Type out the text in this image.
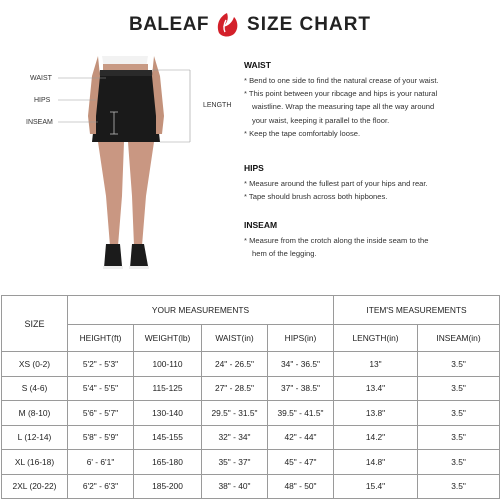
BALEAF SIZE CHART
WAIST
HIPS
INSEAM
LENGTH
WAIST
* Bend to one side to find the natural crease of your waist.
* This point between your ribcage and hips is your natural
waistline. Wrap the measuring tape all the way around
your waist, keeping it parallel to the floor.
* Keep the tape comfortably loose.
HIPS
* Measure around the fullest part of your hips and rear.
* Tape should brush across both hipbones.
INSEAM
* Measure from the crotch along the inside seam to the
hem of the legging.
SIZE	YOUR MEASUREMENTS				ITEM'S MEASUREMENTS	
	HEIGHT(ft)	WEIGHT(lb)	WAIST(in)	HIPS(in)	LENGTH(in)	INSEAM(in)
XS (0-2)	5'2" - 5'3"	100-110	24" - 26.5"	34" - 36.5"	13"	3.5"
S (4-6)	5'4" - 5'5"	115-125	27" - 28.5"	37" - 38.5"	13.4"	3.5"
M (8-10)	5'6" - 5'7"	130-140	29.5" - 31.5"	39.5" - 41.5"	13.8"	3.5"
L (12-14)	5'8" - 5'9"	145-155	32" - 34"	42" - 44"	14.2"	3.5"
XL (16-18)	6' - 6'1"	165-180	35" - 37"	45" - 47"	14.8"	3.5"
2XL (20-22)	6'2" - 6'3"	185-200	38" - 40"	48" - 50"	15.4"	3.5"
